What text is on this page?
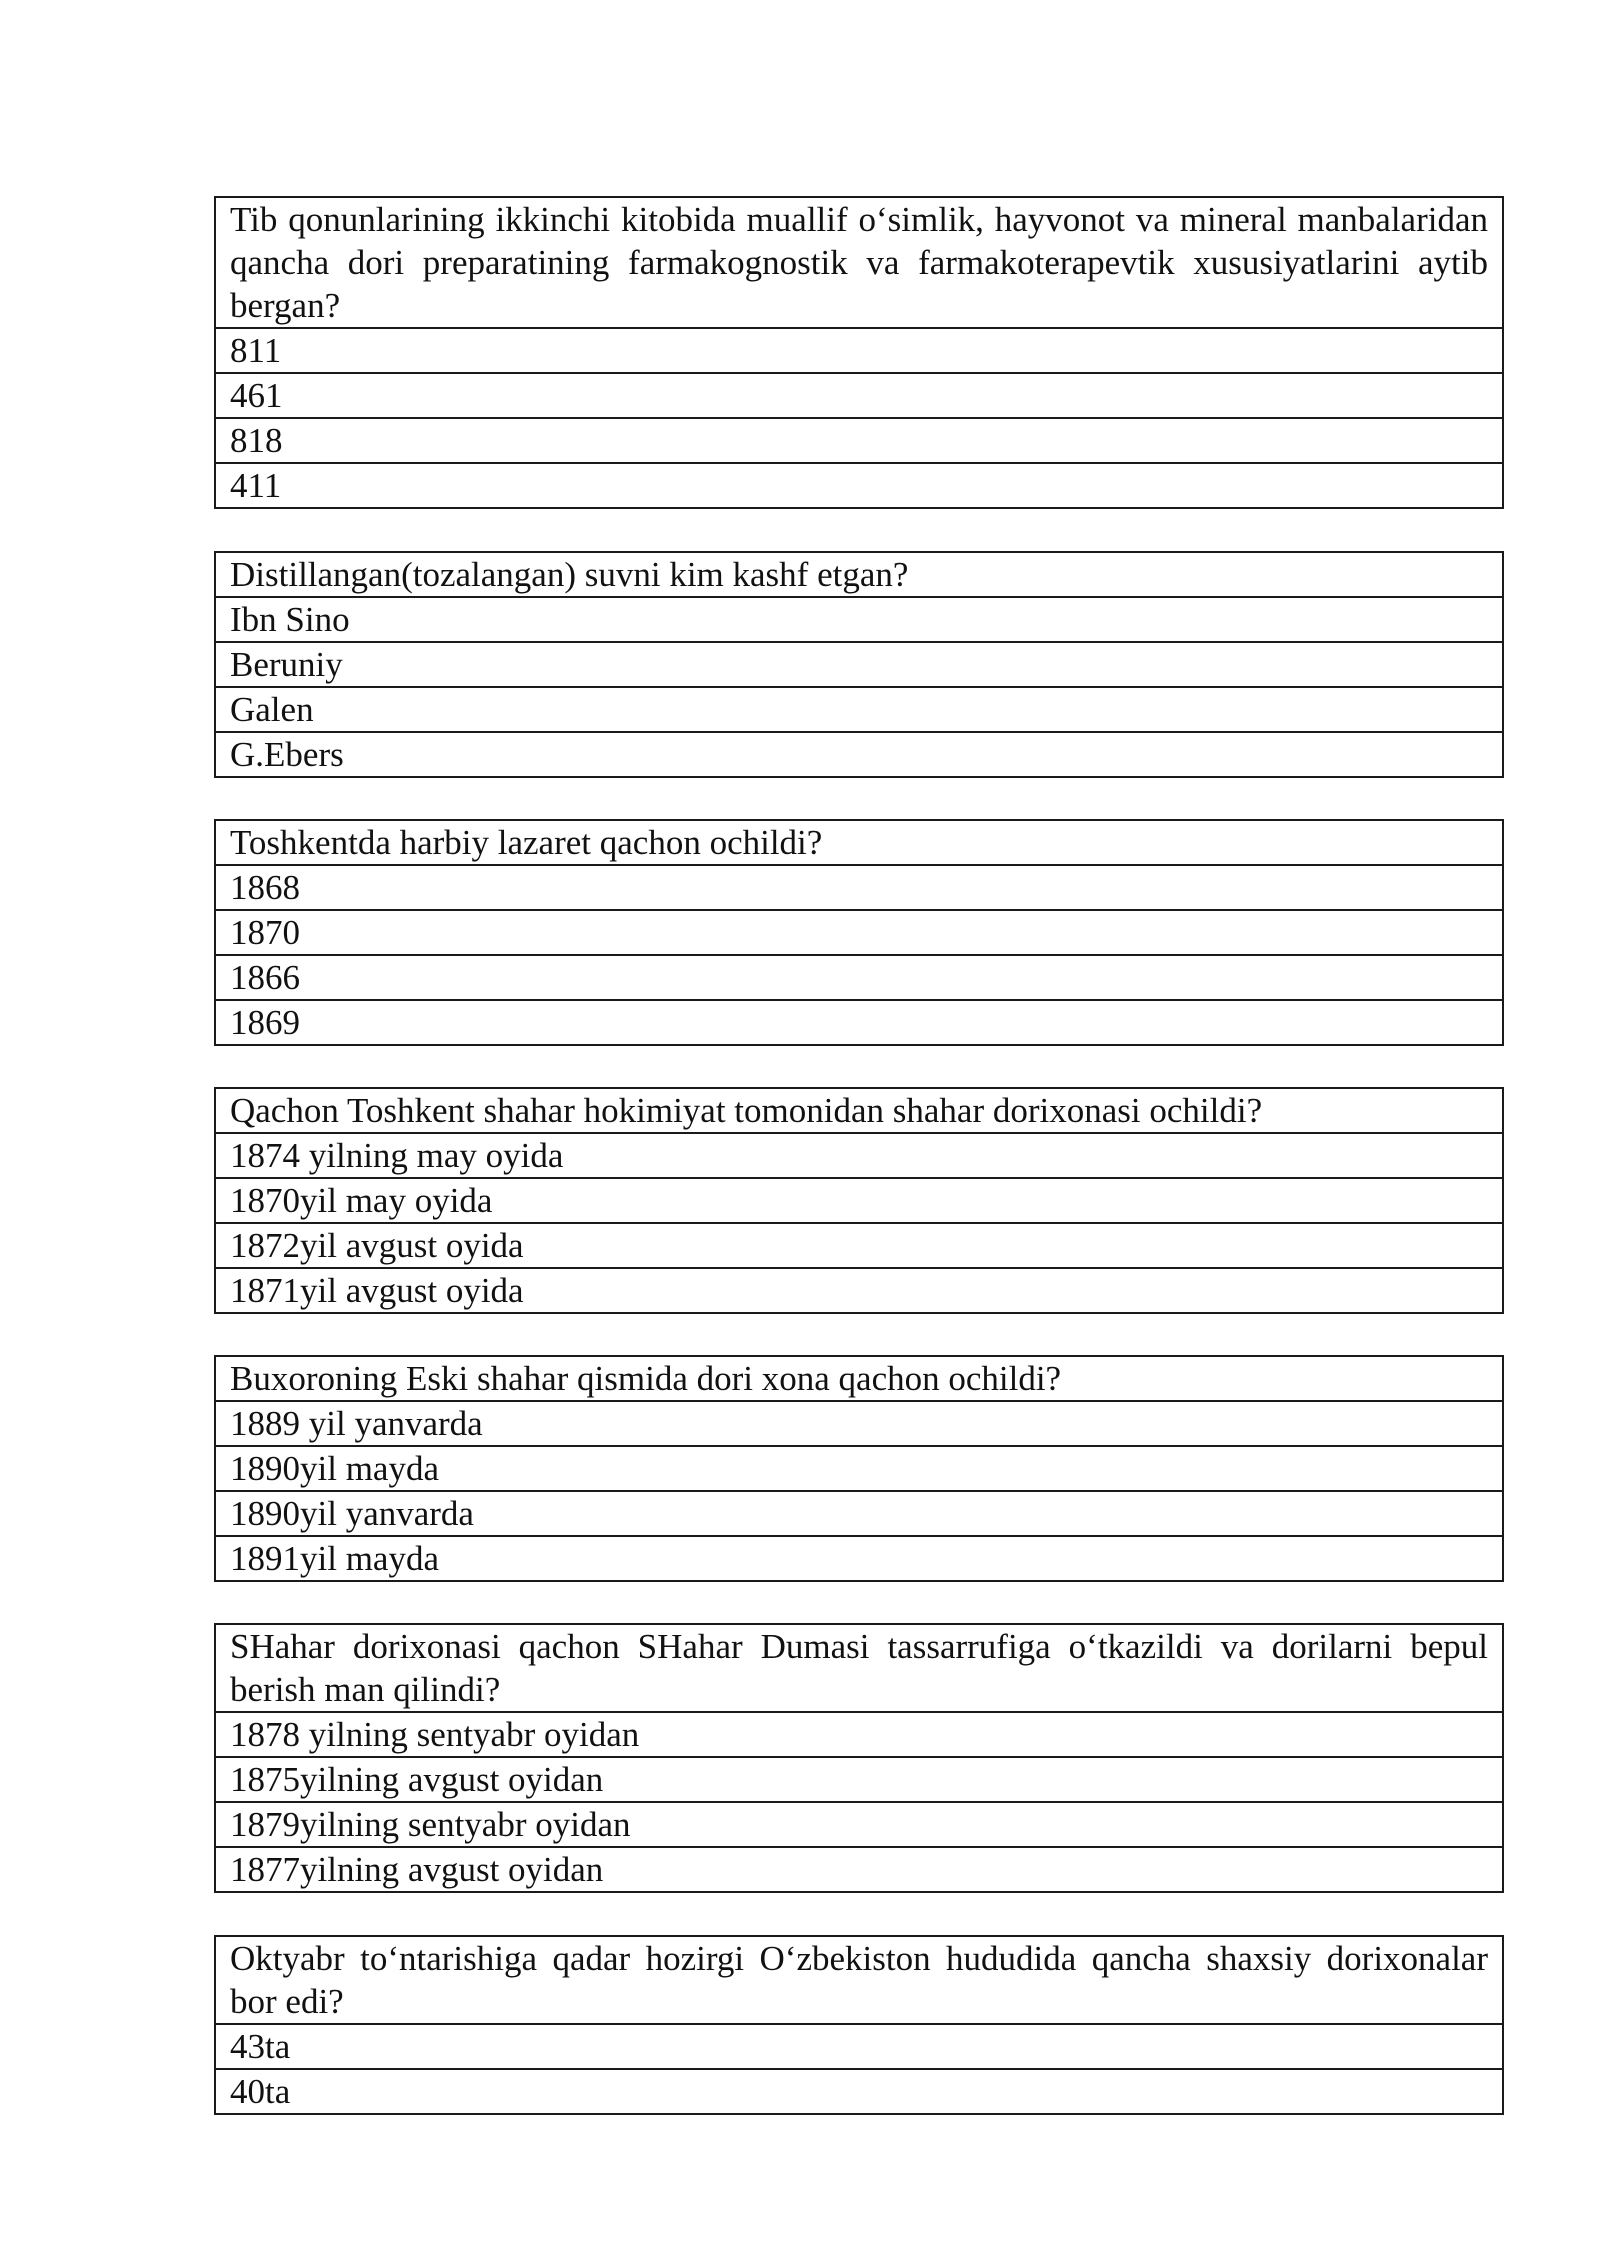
Tib qonunlarining ikkinchi kitobida muallif o‘simlik, hayvonot va mineral manbalaridan qancha dori preparatining farmakognostik va farmakoterapevtik xususiyatlarini aytib bergan?
811
461
818
411
Distillangan(tozalangan) suvni kim kashf etgan?
Ibn Sino
Beruniy
Galen
G.Ebers
Toshkentda harbiy lazaret qachon ochildi?
1868
1870
1866
1869
Qachon Toshkent shahar hokimiyat tomonidan shahar dorixonasi ochildi?
1874 yilning may oyida
1870yil may oyida
1872yil avgust oyida
1871yil avgust oyida
Buxoroning Eski shahar qismida dori xona qachon ochildi?
1889 yil yanvarda
1890yil mayda
1890yil yanvarda
1891yil mayda
SHahar dorixonasi qachon SHahar Dumasi tassarrufiga o‘tkazildi va dorilarni bepul berish man qilindi?
1878 yilning sentyabr oyidan
1875yilning avgust oyidan
1879yilning sentyabr oyidan
1877yilning avgust oyidan
Oktyabr to‘ntarishiga qadar hozirgi O‘zbekiston hududida qancha shaxsiy dorixonalar bor edi?
43ta
40ta
